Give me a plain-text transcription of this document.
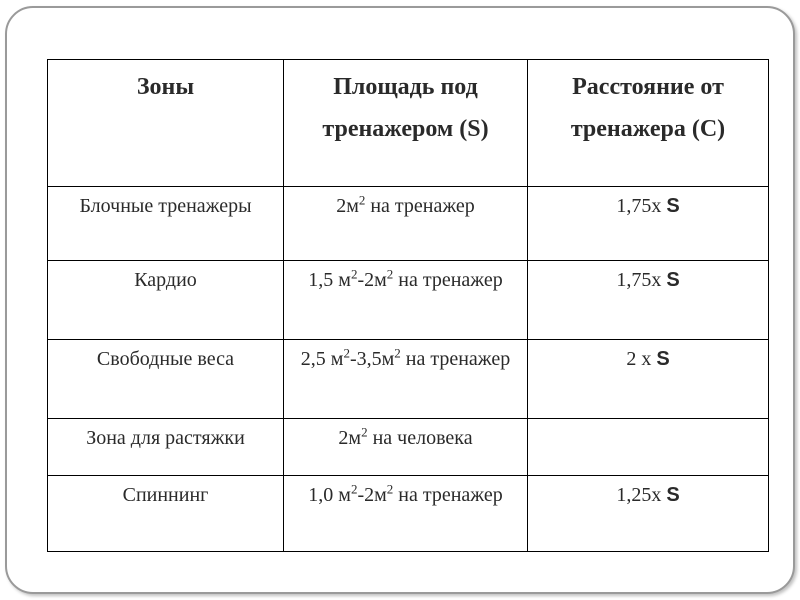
Зоны	Площадь под тренажером (S)	Расстояние от тренажера (С)
Блочные тренажеры	$2м^2$ на тренажер	1,75х S
Кардио	1,5 $м^2-2м^2$ на тренажер	1,75х S
Свободные веса	2,5 $м^2-3,5м^2$ на тренажер	2 х S
Зона для растяжки	$2м^2$ на человека	
Спиннинг	1,0 $м^2-2м^2$ на тренажер	1,25х S
